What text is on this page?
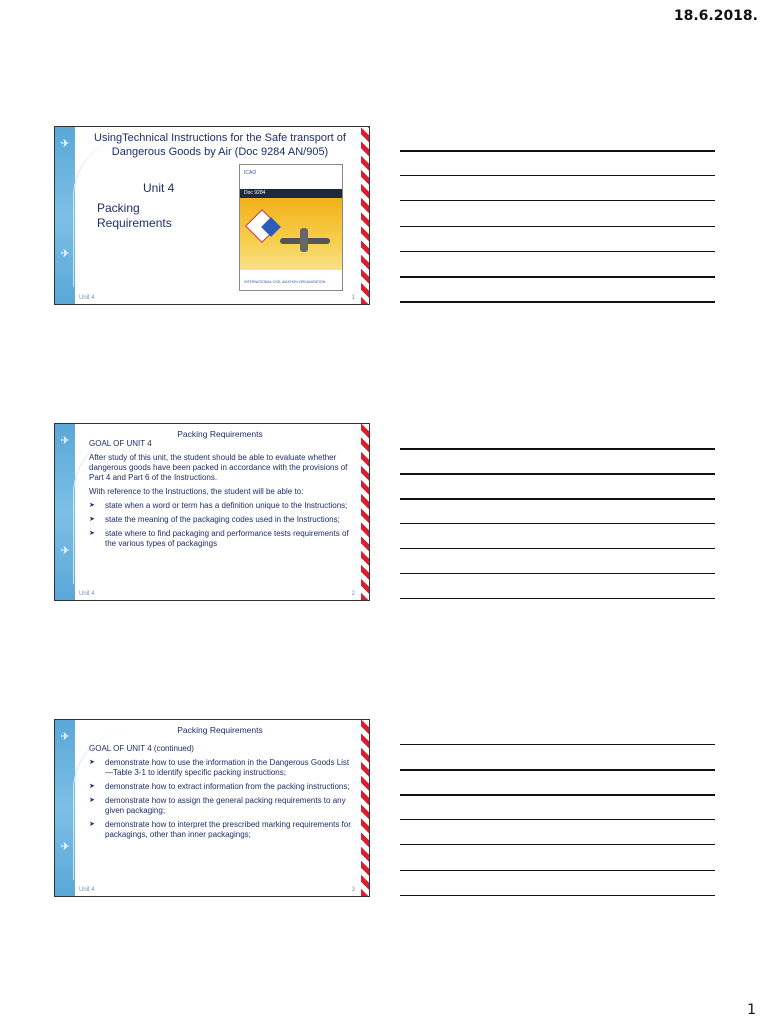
18.6.2018.
✈
✈
UsingTechnical Instructions for the Safe transport of Dangerous Goods by Air (Doc 9284 AN/905)
Unit 4
Packing Requirements
ICAO
Doc 9284
INTERNATIONAL CIVIL AVIATION ORGANIZATION
Unit 4	1
✈
✈
Packing Requirements

GOAL OF UNIT 4

After study of this unit, the student should be able to evaluate whether dangerous goods have been packed in accordance with the provisions of Part 4 and Part 6 of the Instructions.

With reference to the Instructions, the student will be able to:

➤ state when a word or term has a definition unique to the Instructions;
➤ state the meaning of the packaging codes used in the Instructions;
➤ state where to find packaging and performance tests requirements of the various types of packagings
Unit 4	2
✈
✈
Packing Requirements

GOAL OF UNIT 4 (continued)

➤ demonstrate how to use the information in the Dangerous Goods List—Table 3-1 to identify specific packing instructions;
➤ demonstrate how to extract information from the packing instructions;
➤ demonstrate how to assign the general packing requirements to any given packaging;
➤ demonstrate how to interpret the prescribed marking requirements for packagings, other than inner packagings;
Unit 4	3
1
